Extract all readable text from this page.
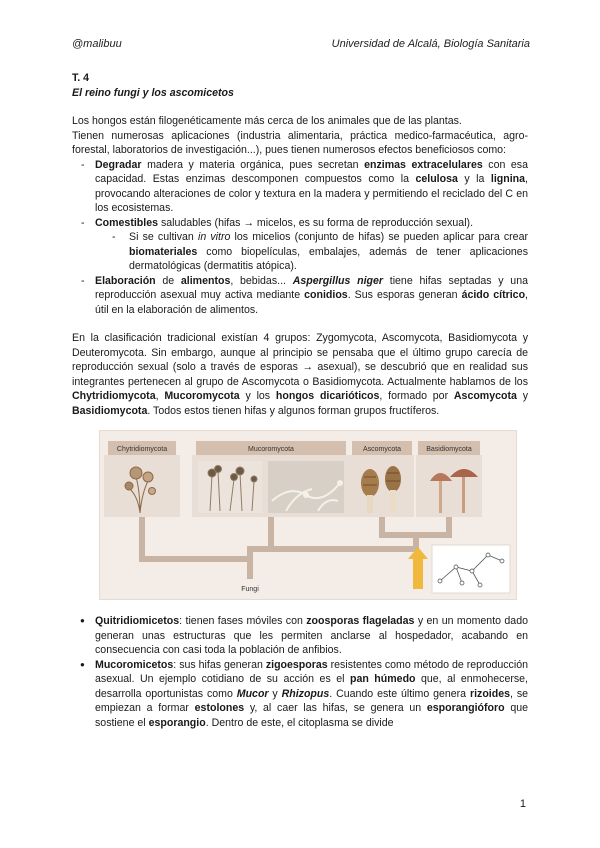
@malibuu	Universidad de Alcalá, Biología Sanitaria

T. 4

El reino fungi y los ascomicetos

Los hongos están filogenéticamente más cerca de los animales que de las plantas.

Tienen numerosas aplicaciones (industria alimentaria, práctica medico-farmacéutica, agro-forestal, laboratorios de investigación...), pues tienen numerosos efectos beneficiosos como:

- Degradar madera y materia orgánica, pues secretan enzimas extracelulares con esa capacidad. Estas enzimas descomponen compuestos como la celulosa y la lignina, provocando alteraciones de color y textura en la madera y permitiendo el reciclado del C en los ecosistemas.
- Comestibles saludables (hifas → micelos, es su forma de reproducción sexual).
- Si se cultivan in vitro los micelios (conjunto de hifas) se pueden aplicar para crear biomateriales como biopelículas, embalajes, además de tener aplicaciones dermatológicas (dermatitis atópica).
- Elaboración de alimentos, bebidas... Aspergillus niger tiene hifas septadas y una reproducción asexual muy activa mediante conidios. Sus esporas generan ácido cítrico, útil en la elaboración de alimentos.

En la clasificación tradicional existían 4 grupos: Zygomycota, Ascomycota, Basidiomycota y Deuteromycota. Sin embargo, aunque al principio se pensaba que el último grupo carecía de reproducción sexual (solo a través de esporas → asexual), se descubrió que en realidad sus integrantes pertenecen al grupo de Ascomycota o Basidiomycota. Actualmente hablamos de los Chytridiomycota, Mucoromycota y los hongos dicarióticos, formado por Ascomycota y Basidiomycota. Todos estos tienen hifas y algunos forman grupos fructíferos.

Chytridiomycota	Mucoromycota	Ascomycota	Basidiomycota
Fungi
● Quitridiomicetos: tienen fases móviles con zoosporas flageladas y en un momento dado generan unas estructuras que les permiten anclarse al hospedador, acabando en consecuencia con casi toda la población de anfibios.
● Mucoromicetos: sus hifas generan zigoesporas resistentes como método de reproducción asexual. Un ejemplo cotidiano de su acción es el pan húmedo que, al enmohecerse, desarrolla oportunistas como Mucor y Rhizopus. Cuando este último genera rizoides, se empiezan a formar estolones y, al caer las hifas, se genera un esporangióforo que sostiene el esporangio. Dentro de este, el citoplasma se divide
1
